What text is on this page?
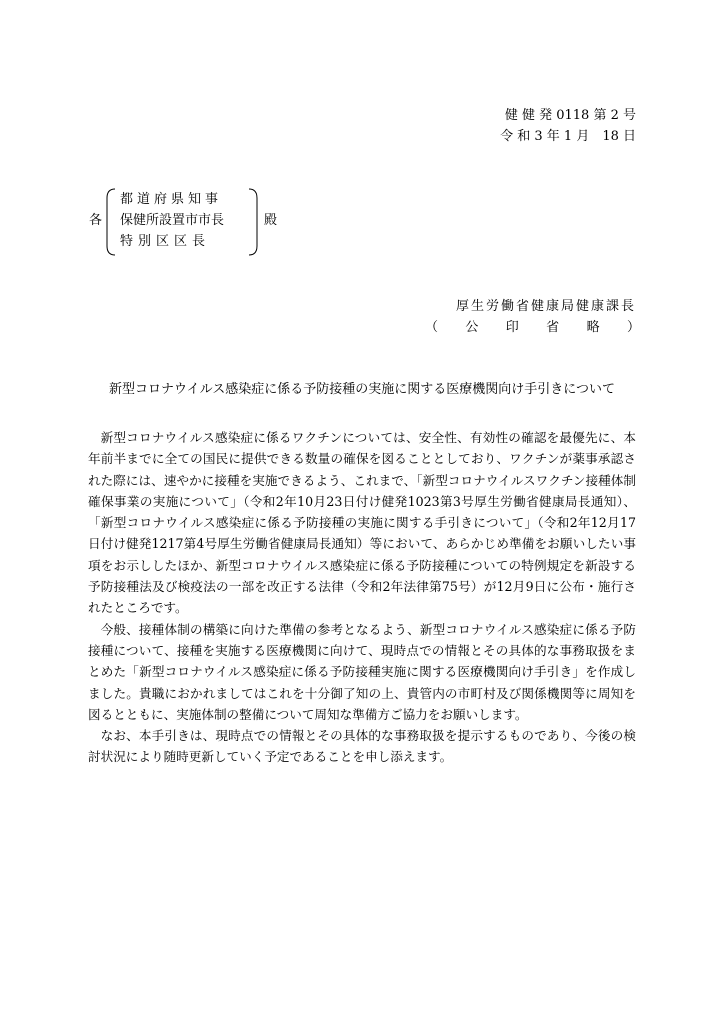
健 健 発 0118 第 2 号
令 和 3 年 1 月　18 日
各
都道府県知事
保健所設置市市長
特別区区長
殿
厚生労働省健康局健康課長
（ 公 印 省 略 ）
新型コロナウイルス感染症に係る予防接種の実施に関する医療機関向け手引きについて

新型コロナウイルス感染症に係るワクチンについては、安全性、有効性の確認を最優先に、本年前半までに全ての国民に提供できる数量の確保を図ることとしており、ワクチンが薬事承認された際には、速やかに接種を実施できるよう、これまで、「新型コロナウイルスワクチン接種体制確保事業の実施について」（令和2年10月23日付け健発1023第3号厚生労働省健康局長通知）、「新型コロナウイルス感染症に係る予防接種の実施に関する手引きについて」（令和2年12月17日付け健発1217第4号厚生労働省健康局長通知）等において、あらかじめ準備をお願いしたい事項をお示ししたほか、新型コロナウイルス感染症に係る予防接種についての特例規定を新設する予防接種法及び検疫法の一部を改正する法律（令和2年法律第75号）が12月9日に公布・施行されたところです。

今般、接種体制の構築に向けた準備の参考となるよう、新型コロナウイルス感染症に係る予防接種について、接種を実施する医療機関に向けて、現時点での情報とその具体的な事務取扱をまとめた「新型コロナウイルス感染症に係る予防接種実施に関する医療機関向け手引き」を作成しました。貴職におかれましてはこれを十分御了知の上、貴管内の市町村及び関係機関等に周知を図るとともに、実施体制の整備について周知な準備方ご協力をお願いします。

なお、本手引きは、現時点での情報とその具体的な事務取扱を提示するものであり、今後の検討状況により随時更新していく予定であることを申し添えます。
